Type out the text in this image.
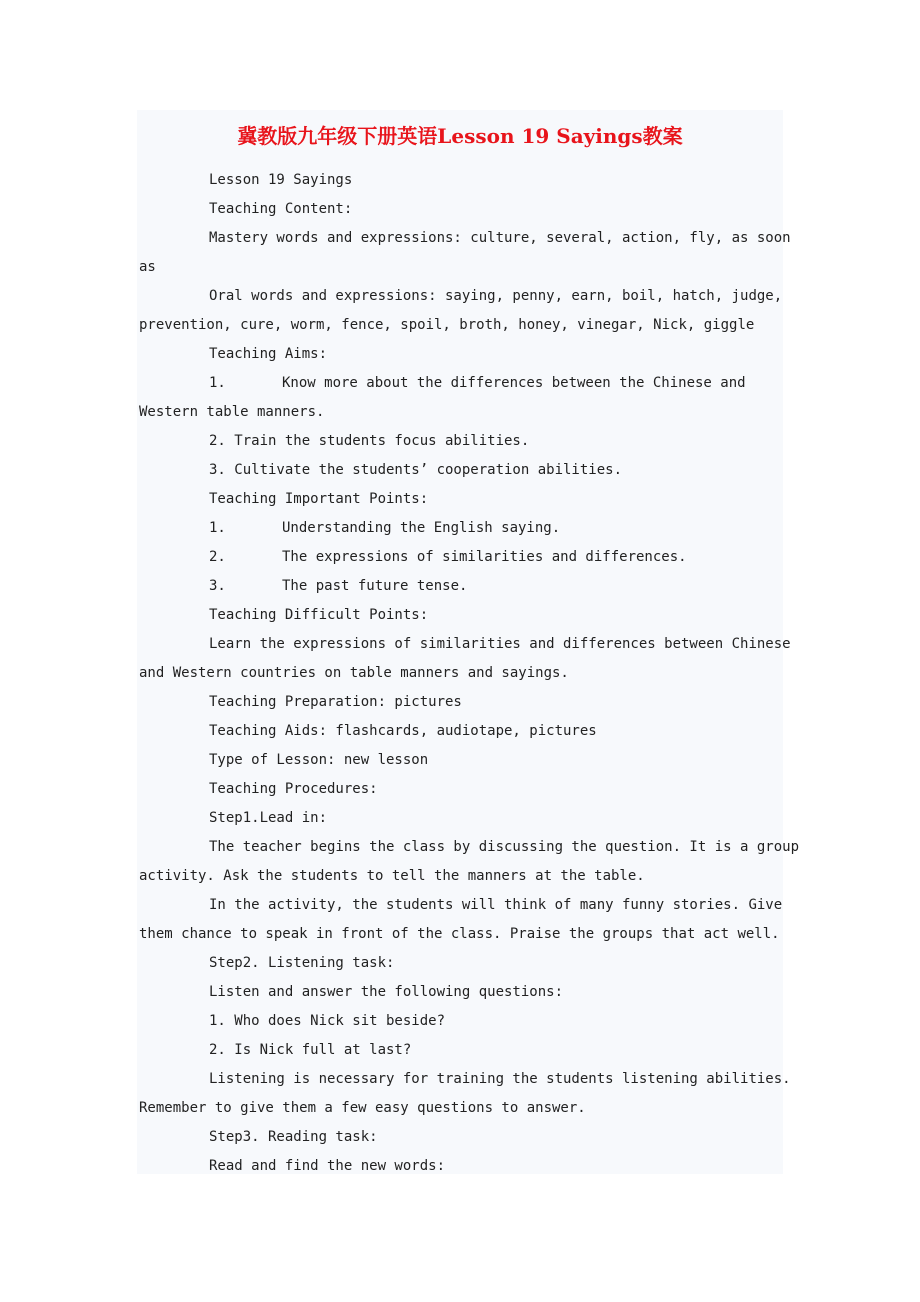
冀教版九年级下册英语Lesson 19 Sayings教案

Lesson 19 Sayings

Teaching Content:

Mastery words and expressions: culture, several, action, fly, as soon

as

Oral words and expressions: saying, penny, earn, boil, hatch, judge,

prevention, cure, worm, fence, spoil, broth, honey, vinegar, Nick, giggle

Teaching Aims:

1.	Know more about the differences between the Chinese and

Western table manners.

2. Train the students focus abilities.

3. Cultivate the students’ cooperation abilities.

Teaching Important Points:

1.	Understanding the English saying.

2.	The expressions of similarities and differences.

3.	The past future tense.

Teaching Difficult Points:

Learn the expressions of similarities and differences between Chinese

and Western countries on table manners and sayings.

Teaching Preparation: pictures

Teaching Aids: flashcards, audiotape, pictures

Type of Lesson: new lesson

Teaching Procedures:

Step1.Lead in:

The teacher begins the class by discussing the question. It is a group

activity. Ask the students to tell the manners at the table.

In the activity, the students will think of many funny stories. Give

them chance to speak in front of the class. Praise the groups that act well.

Step2. Listening task:

Listen and answer the following questions:

1. Who does Nick sit beside?

2. Is Nick full at last?

Listening is necessary for training the students listening abilities.

Remember to give them a few easy questions to answer.

Step3. Reading task:

Read and find the new words:
